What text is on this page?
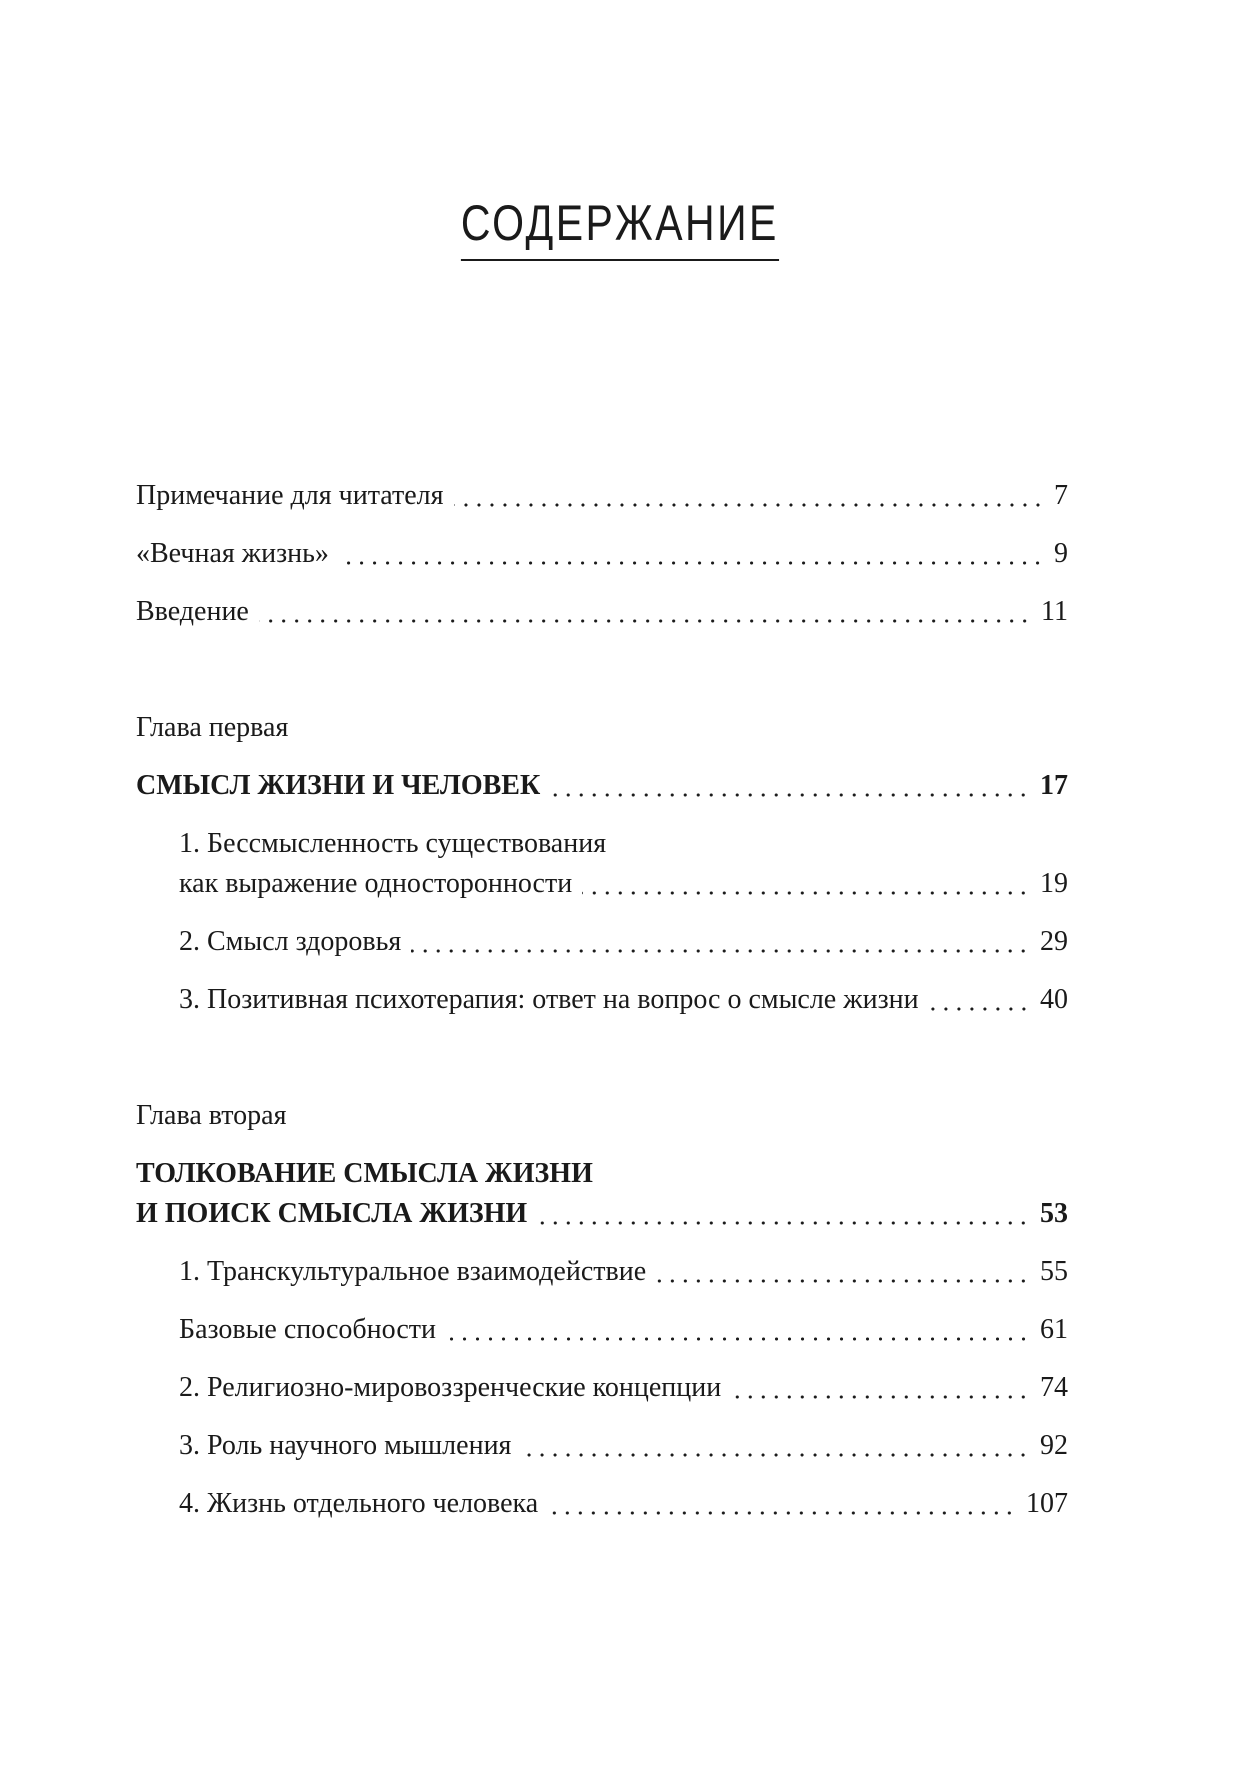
СОДЕРЖАНИЕ
Примечание для читателя	7
«Вечная жизнь»	9
Введение	11
Глава первая
СМЫСЛ ЖИЗНИ И ЧЕЛОВЕК	17
1. Бессмысленность существования
как выражение односторонности	19
2. Смысл здоровья	29
3. Позитивная психотерапия: ответ на вопрос о смысле жизни	40
Глава вторая
ТОЛКОВАНИЕ СМЫСЛА ЖИЗНИ
И ПОИСК СМЫСЛА ЖИЗНИ	53
1. Транскультуральное взаимодействие	55
Базовые способности	61
2. Религиозно-мировоззренческие концепции	74
3. Роль научного мышления	92
4. Жизнь отдельного человека	107
